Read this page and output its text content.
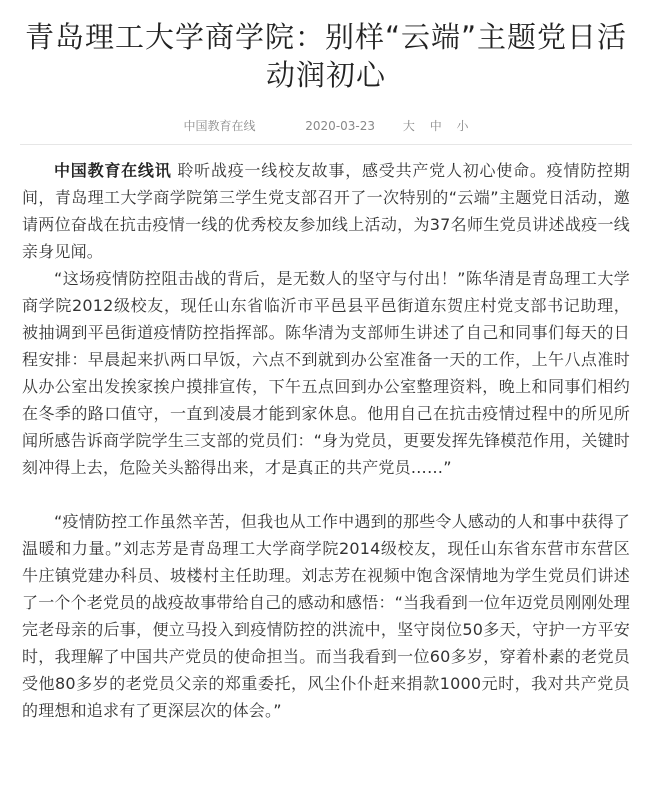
青岛理工大学商学院：别样“云端”主题党日活动润初心
中国教育在线	2020-03-23 大 中 小

中国教育在线讯 聆听战疫一线校友故事，感受共产党人初心使命。疫情防控期间，青岛理工大学商学院第三学生党支部召开了一次特别的“云端”主题党日活动，邀请两位奋战在抗击疫情一线的优秀校友参加线上活动，为37名师生党员讲述战疫一线亲身见闻。

“这场疫情防控阻击战的背后，是无数人的坚守与付出！”陈华清是青岛理工大学商学院2012级校友，现任山东省临沂市平邑县平邑街道东贺庄村党支部书记助理，被抽调到平邑街道疫情防控指挥部。陈华清为支部师生讲述了自己和同事们每天的日程安排：早晨起来扒两口早饭，六点不到就到办公室准备一天的工作，上午八点准时从办公室出发挨家挨户摸排宣传，下午五点回到办公室整理资料，晚上和同事们相约在冬季的路口值守，一直到凌晨才能到家休息。他用自己在抗击疫情过程中的所见所闻所感告诉商学院学生三支部的党员们：“身为党员，更要发挥先锋模范作用，关键时刻冲得上去，危险关头豁得出来，才是真正的共产党员……”

“疫情防控工作虽然辛苦，但我也从工作中遇到的那些令人感动的人和事中获得了温暖和力量。”刘志芳是青岛理工大学商学院2014级校友，现任山东省东营市东营区牛庄镇党建办科员、坡楼村主任助理。刘志芳在视频中饱含深情地为学生党员们讲述了一个个老党员的战疫故事带给自己的感动和感悟：“当我看到一位年迈党员刚刚处理完老母亲的后事，便立马投入到疫情防控的洪流中，坚守岗位50多天，守护一方平安时，我理解了中国共产党员的使命担当。而当我看到一位60多岁，穿着朴素的老党员受他80多岁的老党员父亲的郑重委托，风尘仆仆赶来捐款1000元时，我对共产党员的理想和追求有了更深层次的体会。”
